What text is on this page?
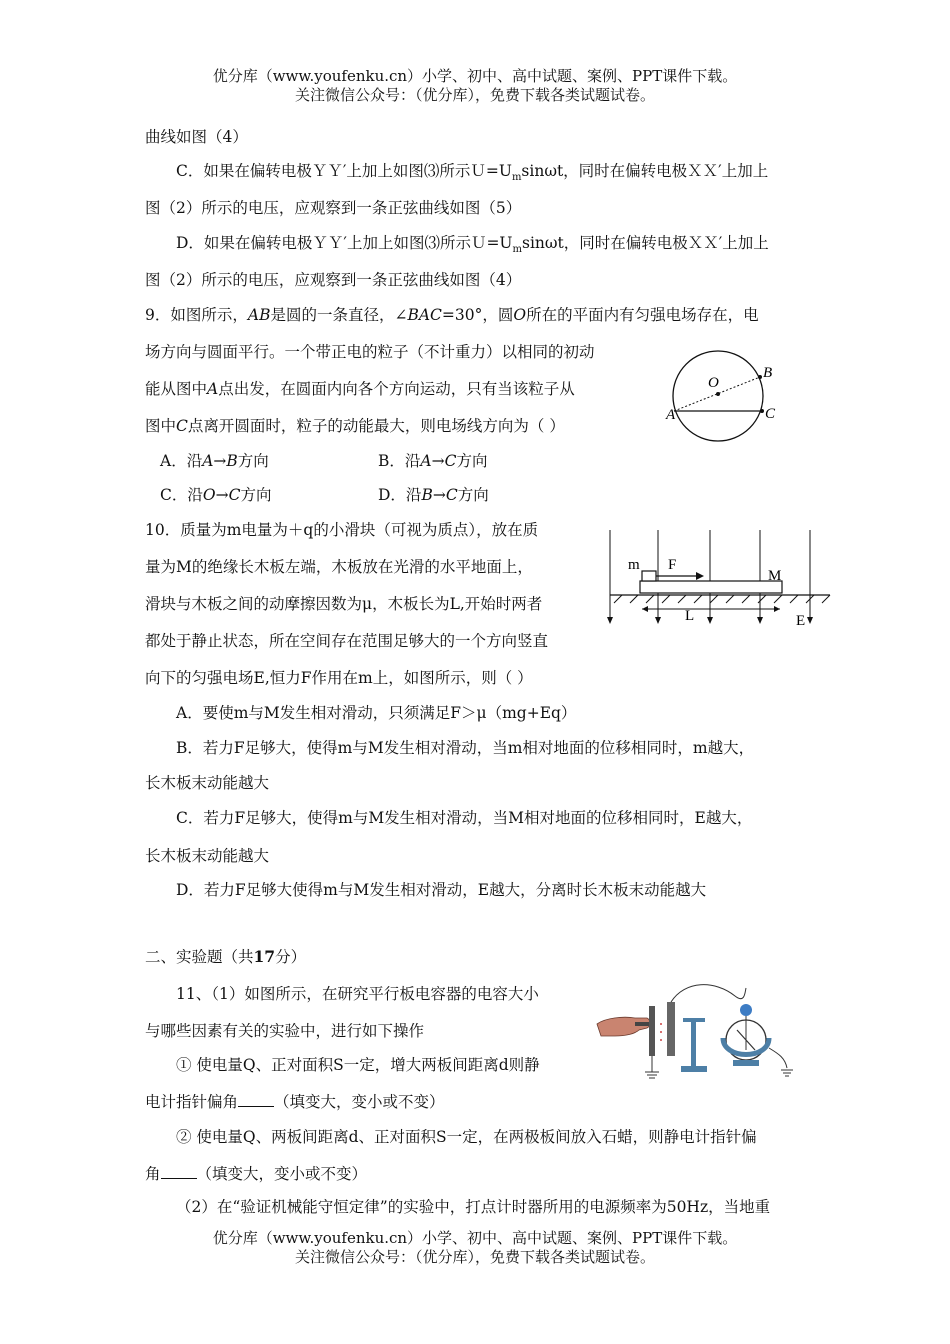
优分库（www.youfenku.cn）小学、初中、高中试题、案例、PPT课件下载。
关注微信公众号：（优分库），免费下载各类试题试卷。
曲线如图（4）
C．如果在偏转电极ＹＹ′上加上如图⑶所示$U=U_m\sin\omega t$，同时在偏转电极ＸＸ′上加上
图（2）所示的电压，应观察到一条正弦曲线如图（5）
D．如果在偏转电极ＹＹ′上加上如图⑶所示$U=U_m\sin\omega t$，同时在偏转电极ＸＸ′上加上
图（2）所示的电压，应观察到一条正弦曲线如图（4）
9．如图所示，AB是圆的一条直径，∠BAC=30°，圆O所在的平面内有匀强电场存在，电
场方向与圆面平行。一个带正电的粒子（不计重力）以相同的初动
能从图中A点出发，在圆面内向各个方向运动，只有当该粒子从
图中C点离开圆面时，粒子的动能最大，则电场线方向为（ ）
A．沿A→B方向	B．沿A→C方向
C．沿O→C方向	D．沿B→C方向
O
A
B
C
10．质量为m电量为＋q的小滑块（可视为质点），放在质
量为M的绝缘长木板左端，木板放在光滑的水平地面上，
滑块与木板之间的动摩擦因数为μ，木板长为L,开始时两者
都处于静止状态，所在空间存在范围足够大的一个方向竖直
向下的匀强电场E,恒力F作用在m上，如图所示，则（ ）
A．要使m与M发生相对滑动，只须满足F＞μ（mg+Eq）
B．若力F足够大，使得m与M发生相对滑动，当m相对地面的位移相同时，m越大，
长木板末动能越大
C．若力F足够大，使得m与M发生相对滑动，当M相对地面的位移相同时，E越大，
长木板末动能越大
D．若力F足够大使得m与M发生相对滑动，E越大，分离时长木板末动能越大
m F
M
L	E
二、实验题（共17分）
11、（1）如图所示，在研究平行板电容器的电容大小
与哪些因素有关的实验中，进行如下操作
① 使电量Q、正对面积S一定，增大两板间距离d则静
电计指针偏角 （填变大，变小或不变）
② 使电量Q、两板间距离d、正对面积S一定，在两极板间放入石蜡，则静电计指针偏
角 （填变大，变小或不变）
（2）在“验证机械能守恒定律”的实验中，打点计时器所用的电源频率为50Hz，当地重
优分库（www.youfenku.cn）小学、初中、高中试题、案例、PPT课件下载。
关注微信公众号：（优分库），免费下载各类试题试卷。
